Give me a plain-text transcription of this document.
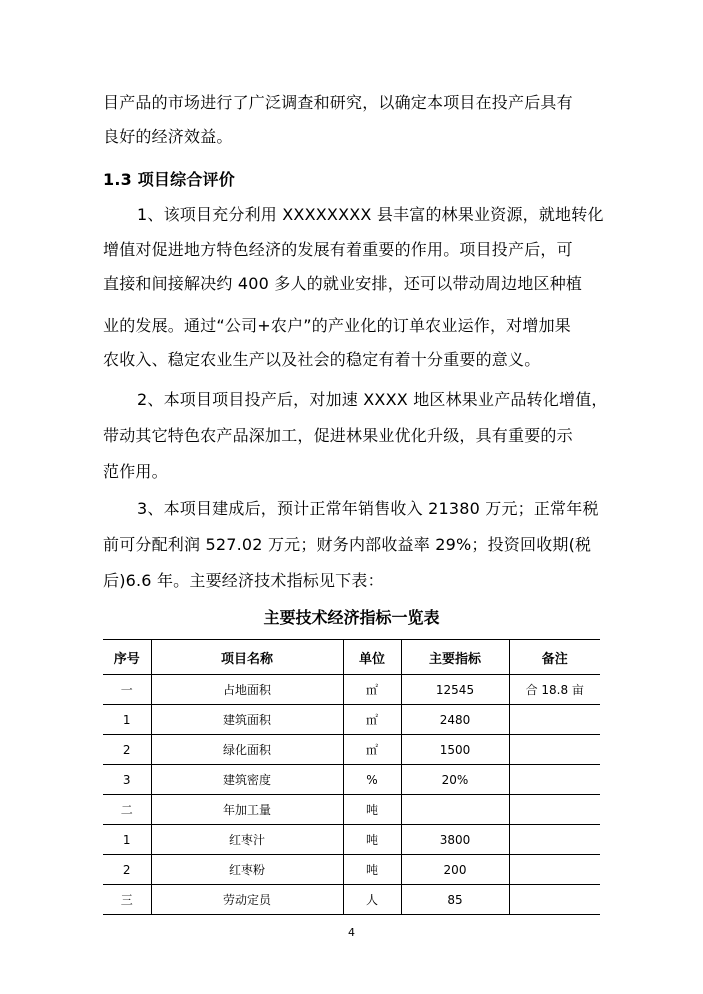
目产品的市场进行了广泛调查和研究，以确定本项目在投产后具有
良好的经济效益。
1.3 项目综合评价
1、该项目充分利用 XXXXXXXX 县丰富的林果业资源，就地转化
增值对促进地方特色经济的发展有着重要的作用。项目投产后，可
直接和间接解决约 400 多人的就业安排，还可以带动周边地区种植
业的发展。通过“公司+农户”的产业化的订单农业运作，对增加果
农收入、稳定农业生产以及社会的稳定有着十分重要的意义。
2、本项目项目投产后，对加速 XXXX 地区林果业产品转化增值，
带动其它特色农产品深加工，促进林果业优化升级，具有重要的示
范作用。
3、本项目建成后，预计正常年销售收入 21380 万元；正常年税
前可分配利润 527.02 万元；财务内部收益率 29%；投资回收期(税
后)6.6 年。主要经济技术指标见下表：
主要技术经济指标一览表
序号	项目名称	单位	主要指标	备注
一	占地面积	㎡	12545	合 18.8 亩
1	建筑面积	㎡	2480	
2	绿化面积	㎡	1500	
3	建筑密度	%	20%	
二	年加工量	吨		
1	红枣汁	吨	3800	
2	红枣粉	吨	200	
三	劳动定员	人	85	
4
